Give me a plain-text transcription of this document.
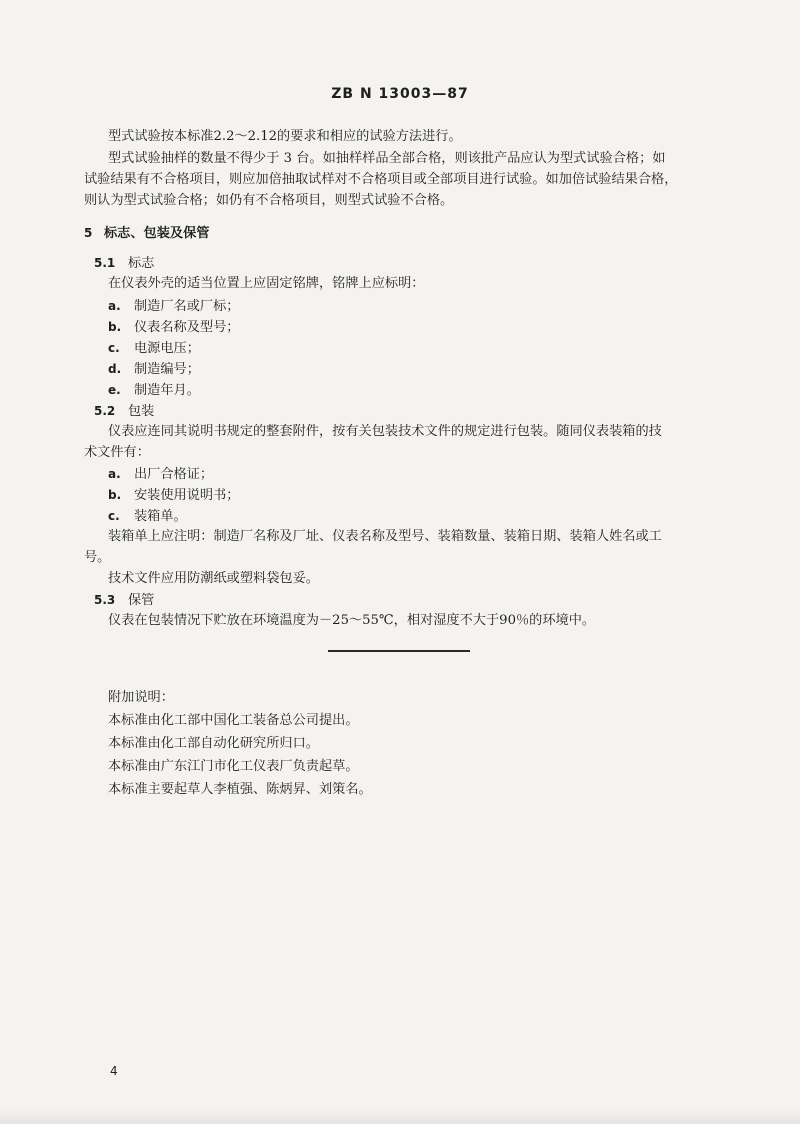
ZB N 13003—87
型式试验按本标准2.2～2.12的要求和相应的试验方法进行。
型式试验抽样的数量不得少于 3 台。如抽样样品全部合格，则该批产品应认为型式试验合格；如
试验结果有不合格项目，则应加倍抽取试样对不合格项目或全部项目进行试验。如加倍试验结果合格，
则认为型式试验合格；如仍有不合格项目，则型式试验不合格。
5 标志、包装及保管
5.1 标志
在仪表外壳的适当位置上应固定铭牌，铭牌上应标明：
a. 制造厂名或厂标；
b. 仪表名称及型号；
c. 电源电压；
d. 制造编号；
e. 制造年月。
5.2 包装
仪表应连同其说明书规定的整套附件，按有关包装技术文件的规定进行包装。随同仪表装箱的技
术文件有：
a. 出厂合格证；
b. 安装使用说明书；
c. 装箱单。
装箱单上应注明：制造厂名称及厂址、仪表名称及型号、装箱数量、装箱日期、装箱人姓名或工
号。
技术文件应用防潮纸或塑料袋包妥。
5.3 保管
仪表在包装情况下贮放在环境温度为－25～55℃，相对湿度不大于90％的环境中。
附加说明：
本标准由化工部中国化工装备总公司提出。
本标准由化工部自动化研究所归口。
本标准由广东江门市化工仪表厂负责起草。
本标准主要起草人李植强、陈炳昇、刘策名。
4
